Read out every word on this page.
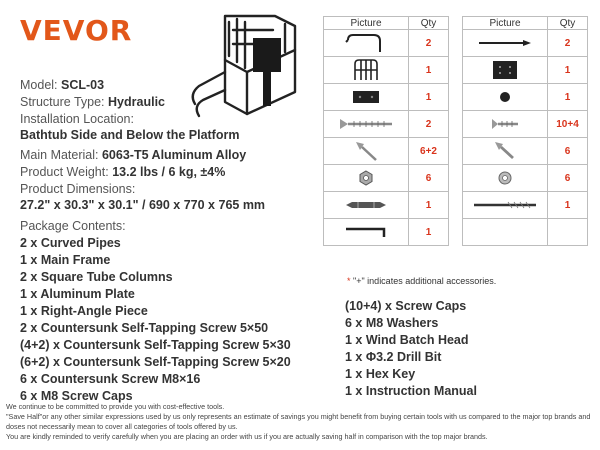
VEVOR
Model: SCL-03
Structure Type: Hydraulic
Installation Location:
Bathtub Side and Below the Platform
Main Material: 6063-T5 Aluminum Alloy
Product Weight: 13.2 lbs / 6 kg, ±4%
Product Dimensions:
27.2" x 30.3" x 30.1" / 690 x 770 x 765 mm
Package Contents:
2 x Curved Pipes
1 x Main Frame
2 x Square Tube Columns
1 x Aluminum Plate
1 x Right-Angle Piece
2 x Countersunk Self-Tapping Screw 5×50
(4+2) x Countersunk Self-Tapping Screw 5×30
(6+2) x Countersunk Self-Tapping Screw 5×20
6 x Countersunk Screw M8×16
6 x M8 Screw Caps
(10+4) x Screw Caps
6 x M8 Washers
1 x Wind Batch Head
1 x Φ3.2 Drill Bit
1 x Hex Key
1 x Instruction Manual
Picture	Qty		Picture	Qty

	2			2

	1			1

	1			1

	2			10+4

	6+2			6

	6			6

	1			1

	1			
* "+" indicates additional accessories.
We continue to be committed to provide you with cost-effective tools.
"Save Half"or any other similar expressions used by us only represents an estimate of savings you might benefit from buying certain tools with us compared to the major top brands and doses not necessarily mean to cover all categories of tools offered by us.
You are kindly reminded to verify carefully when you are placing an order with us if you are actually saving half in comparison with the top major brands.
